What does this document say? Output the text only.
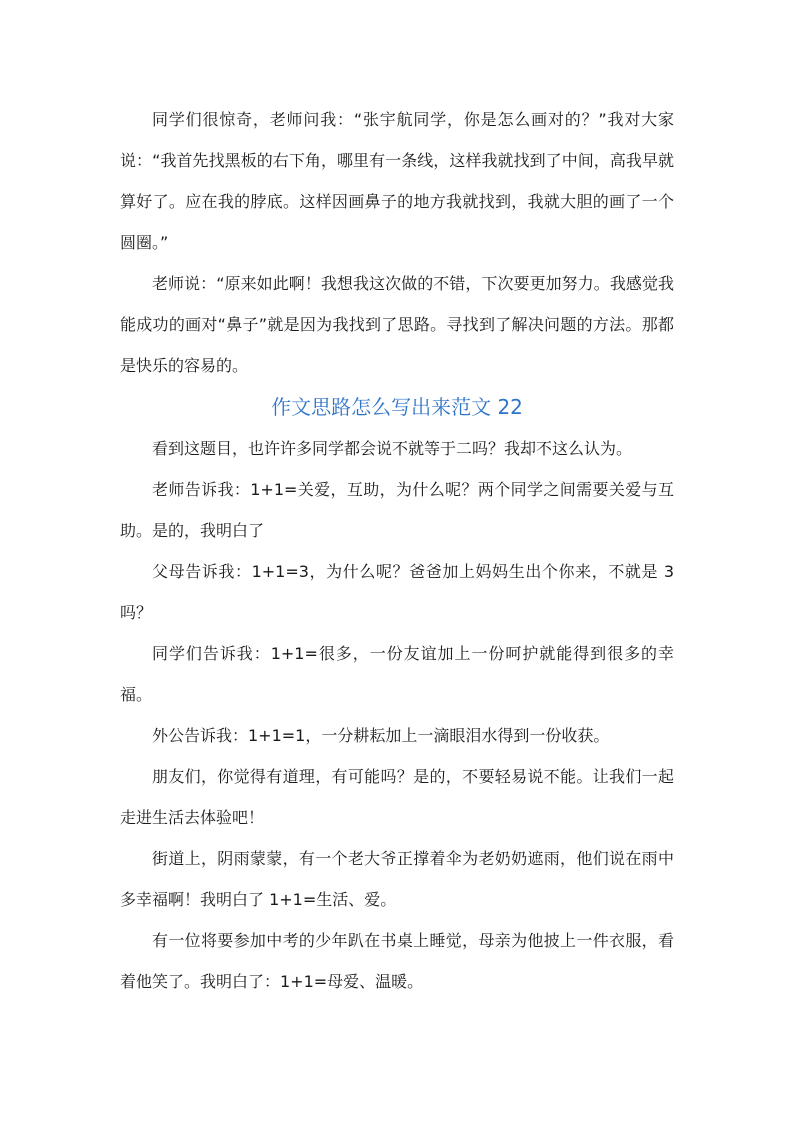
同学们很惊奇，老师问我：“张宇航同学，你是怎么画对的？”我对大家说：“我首先找黑板的右下角，哪里有一条线，这样我就找到了中间，高我早就算好了。应在我的脖底。这样因画鼻子的地方我就找到，我就大胆的画了一个圆圈。”

老师说：“原来如此啊！我想我这次做的不错，下次要更加努力。我感觉我能成功的画对“鼻子”就是因为我找到了思路。寻找到了解决问题的方法。那都是快乐的容易的。

作文思路怎么写出来范文 22

看到这题目，也许许多同学都会说不就等于二吗？我却不这么认为。

老师告诉我：1+1=关爱，互助，为什么呢？两个同学之间需要关爱与互助。是的，我明白了

父母告诉我：1+1=3，为什么呢？爸爸加上妈妈生出个你来，不就是 3 吗？

同学们告诉我：1+1=很多，一份友谊加上一份呵护就能得到很多的幸福。

外公告诉我：1+1=1，一分耕耘加上一滴眼泪水得到一份收获。

朋友们，你觉得有道理，有可能吗？是的，不要轻易说不能。让我们一起走进生活去体验吧！

街道上，阴雨蒙蒙，有一个老大爷正撑着伞为老奶奶遮雨，他们说在雨中多幸福啊！我明白了 1+1=生活、爱。

有一位将要参加中考的少年趴在书桌上睡觉，母亲为他披上一件衣服，看着他笑了。我明白了：1+1=母爱、温暖。
